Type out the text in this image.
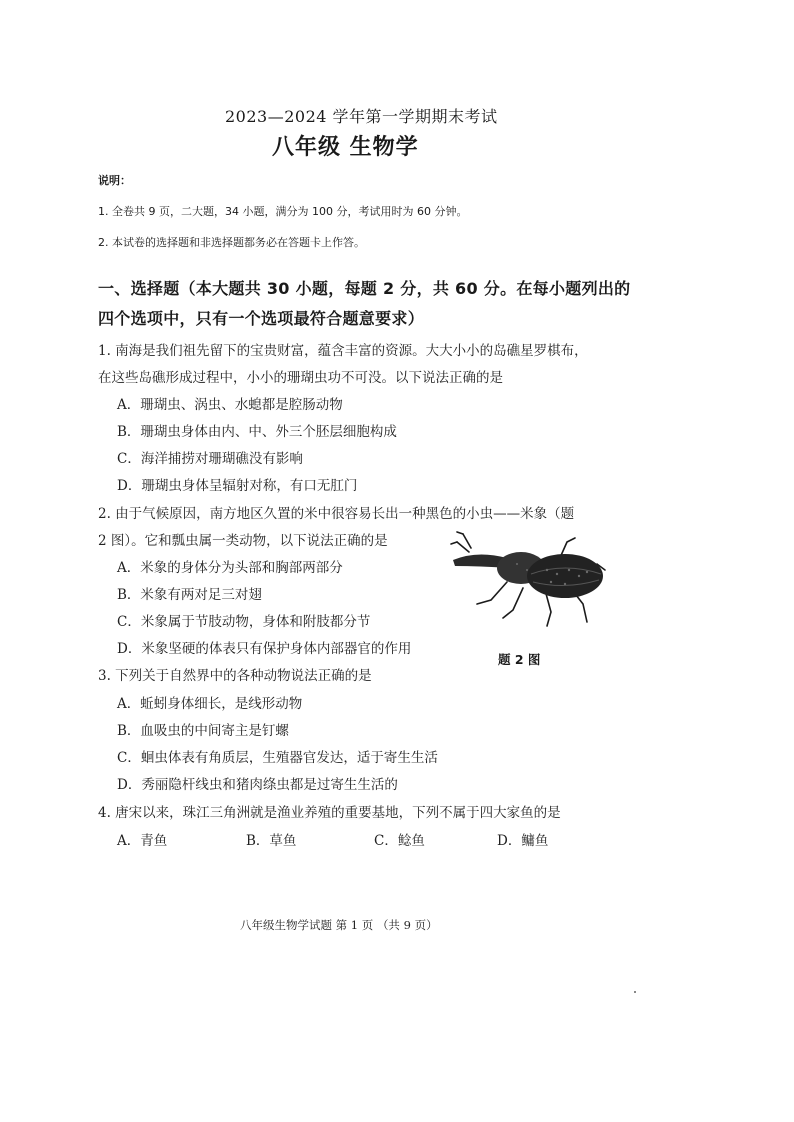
2023—2024 学年第一学期期末考试
八年级 生物学
说明：
1. 全卷共 9 页，二大题，34 小题，满分为 100 分，考试用时为 60 分钟。
2. 本试卷的选择题和非选择题都务必在答题卡上作答。
一、选择题（本大题共 30 小题，每题 2 分，共 60 分。在每小题列出的
四个选项中，只有一个选项最符合题意要求）
1. 南海是我们祖先留下的宝贵财富，蕴含丰富的资源。大大小小的岛礁星罗棋布，
在这些岛礁形成过程中，小小的珊瑚虫功不可没。以下说法正确的是
A．珊瑚虫、涡虫、水螅都是腔肠动物
B．珊瑚虫身体由内、中、外三个胚层细胞构成
C．海洋捕捞对珊瑚礁没有影响
D．珊瑚虫身体呈辐射对称，有口无肛门
2. 由于气候原因，南方地区久置的米中很容易长出一种黑色的小虫——米象（题
2 图）。它和瓢虫属一类动物，以下说法正确的是
A．米象的身体分为头部和胸部两部分
B．米象有两对足三对翅
C．米象属于节肢动物，身体和附肢都分节
D．米象坚硬的体表只有保护身体内部器官的作用
题 2 图
3. 下列关于自然界中的各种动物说法正确的是
A．蚯蚓身体细长，是线形动物
B．血吸虫的中间寄主是钉螺
C．蛔虫体表有角质层，生殖器官发达，适于寄生生活
D．秀丽隐杆线虫和猪肉绦虫都是过寄生生活的
4. 唐宋以来，珠江三角洲就是渔业养殖的重要基地，下列不属于四大家鱼的是
A．青鱼	B．草鱼	C．鲶鱼	D．鳙鱼
八年级生物学试题 第 1 页 （共 9 页）
